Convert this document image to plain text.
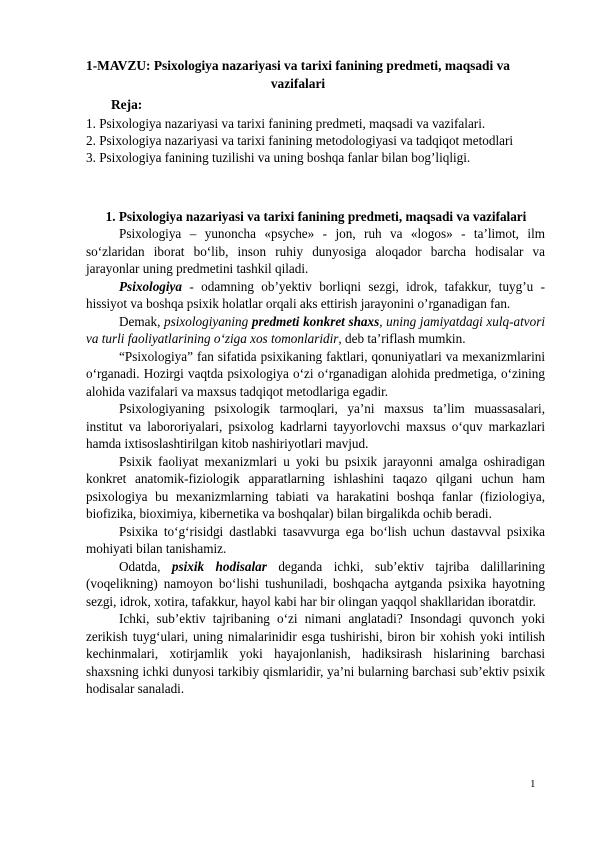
1-MAVZU: Psixologiya nazariyasi va tarixi fanining predmeti, maqsadi va vazifalari
Reja:
1. Psixologiya nazariyasi va tarixi fanining predmeti, maqsadi va vazifalari.
2. Psixologiya nazariyasi va tarixi fanining metodologiyasi va tadqiqot metodlari
3. Psixologiya fanining tuzilishi va uning boshqa fanlar bilan bog’liqligi.
1. Psixologiya nazariyasi va tarixi fanining predmeti, maqsadi va vazifalari

Psixologiya – yunoncha «psyche» - jon, ruh va «logos» - ta’limot, ilm so‘zlaridan iborat bo‘lib, inson ruhiy dunyosiga aloqador barcha hodisalar va jarayonlar uning predmetini tashkil qiladi.

Psixologiya - odamning ob’yektiv borliqni sezgi, idrok, tafakkur, tuyg’u - hissiyot va boshqa psixik holatlar orqali aks ettirish jarayonini o’rganadigan fan.

Demak, psixologiyaning predmeti konkret shaxs, uning jamiyatdagi xulq-atvori va turli faoliyatlarining o‘ziga xos tomonlaridir, deb ta’riflash mumkin.

“Psixologiya” fan sifatida psixikaning faktlari, qonuniyatlari va mexanizmlarini o‘rganadi. Hozirgi vaqtda psixologiya o‘zi o‘rganadigan alohida predmetiga, o‘zining alohida vazifalari va maxsus tadqiqot metodlariga egadir.

Psixologiyaning psixologik tarmoqlari, ya’ni maxsus ta’lim muassasalari, institut va labororiyalari, psixolog kadrlarni tayyorlovchi maxsus o‘quv markazlari hamda ixtisoslashtirilgan kitob nashiriyotlari mavjud.

Psixik faoliyat mexanizmlari u yoki bu psixik jarayonni amalga oshiradigan konkret anatomik-fiziologik apparatlarning ishlashini taqazo qilgani uchun ham psixologiya bu mexanizmlarning tabiati va harakatini boshqa fanlar (fiziologiya, biofizika, bioximiya, kibernetika va boshqalar) bilan birgalikda ochib beradi.

Psixika to‘g‘risidgi dastlabki tasavvurga ega bo‘lish uchun dastavval psixika mohiyati bilan tanishamiz.

Odatda, psixik hodisalar deganda ichki, sub’ektiv tajriba dalillarining (voqelikning) namoyon bo‘lishi tushuniladi, boshqacha aytganda psixika hayotning sezgi, idrok, xotira, tafakkur, hayol kabi har bir olingan yaqqol shakllaridan iboratdir.

Ichki, sub’ektiv tajribaning o‘zi nimani anglatadi? Insondagi quvonch yoki zerikish tuyg‘ulari, uning nimalarinidir esga tushirishi, biron bir xohish yoki intilish kechinmalari, xotirjamlik yoki hayajonlanish, hadiksirash hislarining barchasi shaxsning ichki dunyosi tarkibiy qismlaridir, ya’ni bularning barchasi sub’ektiv psixik hodisalar sanaladi.

1
